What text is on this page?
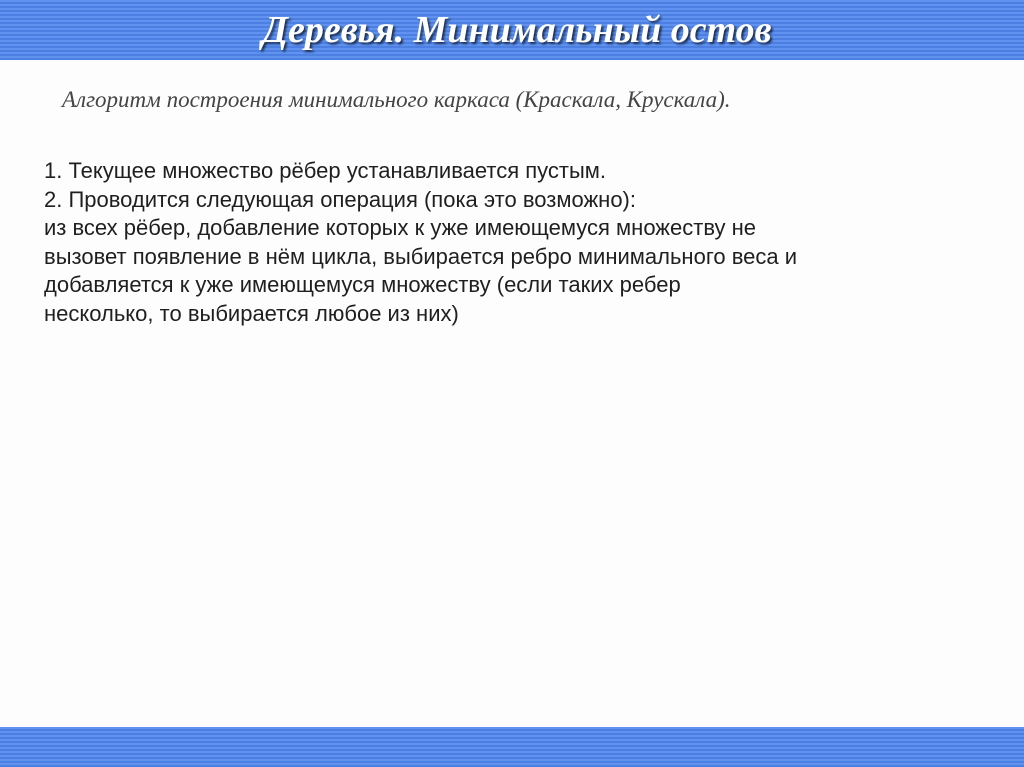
Деревья. Минимальный остов

Алгоритм построения минимального каркаса (Краскала, Крускала).

1. Текущее множество рёбер устанавливается пустым.
2. Проводится следующая операция (пока это возможно):
из всех рёбер, добавление которых к уже имеющемуся множеству не
вызовет появление в нём цикла, выбирается ребро минимального веса и
добавляется к уже имеющемуся множеству (если таких ребер
несколько, то выбирается любое из них)
